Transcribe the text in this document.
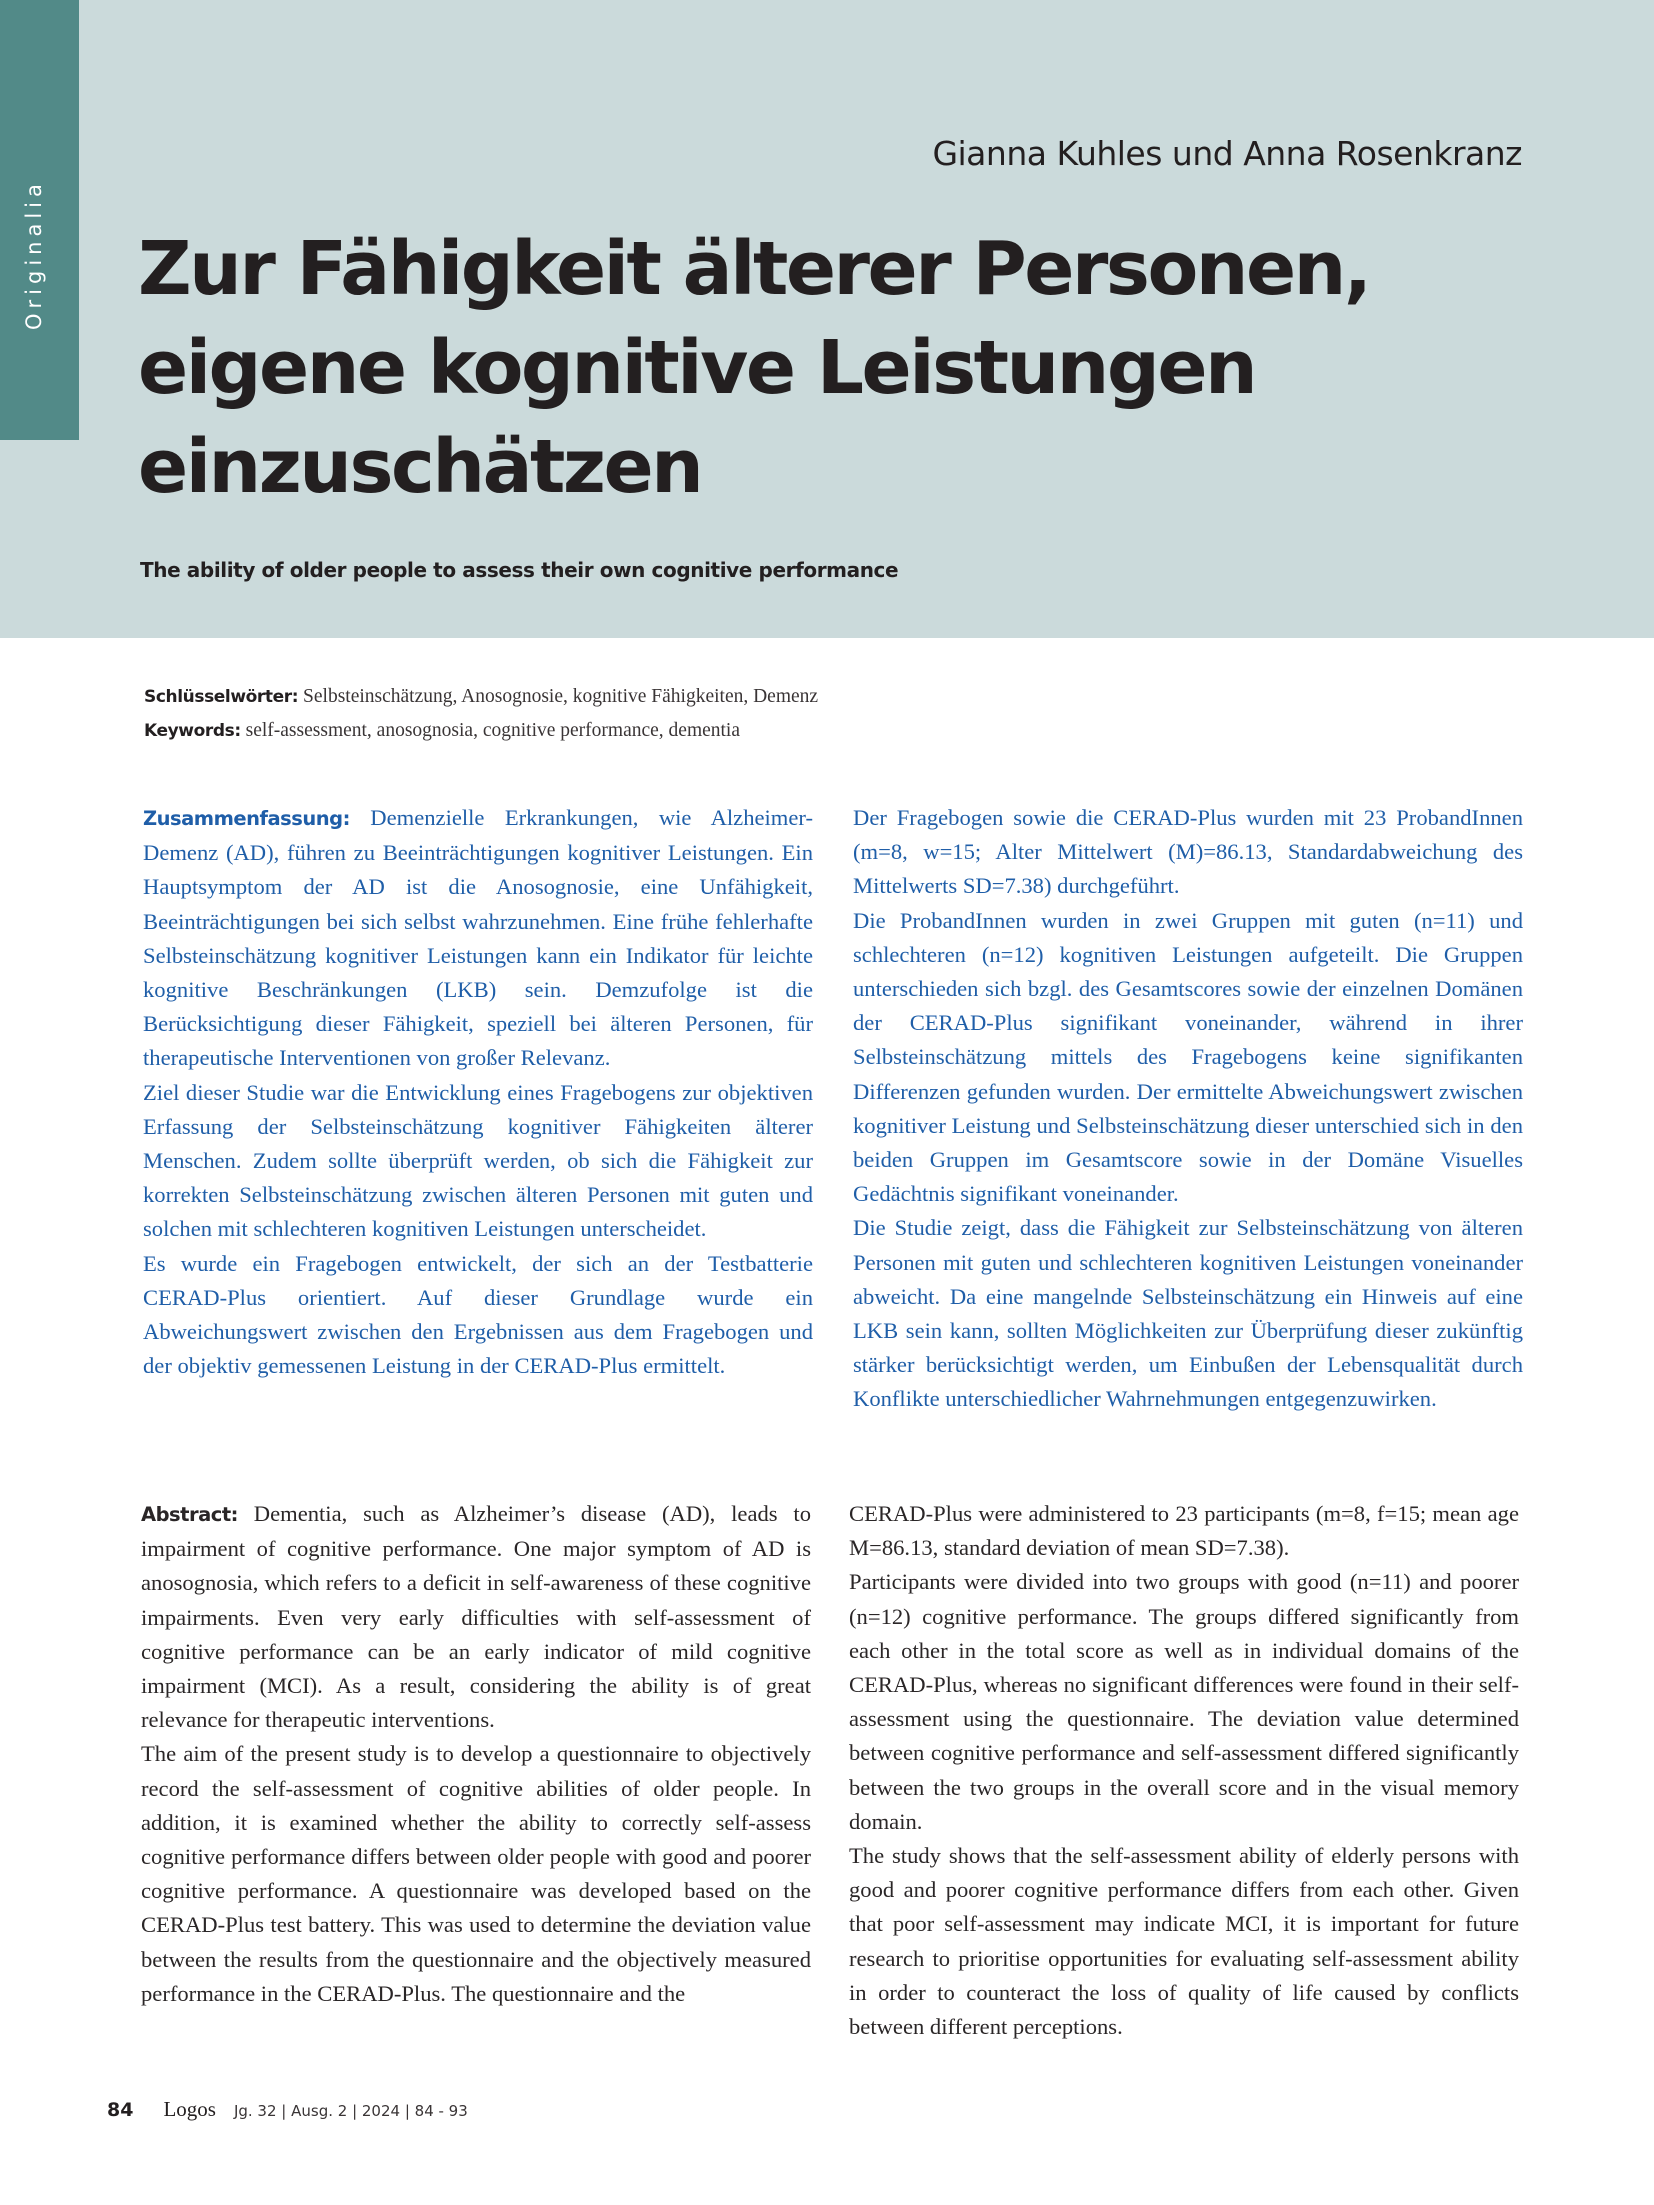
Originalia
Gianna Kuhles und Anna Rosenkranz
Zur Fähigkeit älterer Personen,
eigene kognitive Leistungen
einzuschätzen
The ability of older people to assess their own cognitive performance
Schlüsselwörter: Selbsteinschätzung, Anosognosie, kognitive Fähigkeiten, Demenz
Keywords: self-assessment, anosognosia, cognitive performance, dementia

Zusammenfassung: Demenzielle Erkrankungen, wie Alzheimer-Demenz (AD), führen zu Beeinträchtigungen kognitiver Leistungen. Ein Hauptsymptom der AD ist die Anosognosie, eine Unfähigkeit, Beeinträchtigungen bei sich selbst wahrzunehmen. Eine frühe fehlerhafte Selbsteinschätzung kognitiver Leistungen kann ein Indikator für leichte kognitive Beschränkungen (LKB) sein. Demzufolge ist die Berücksichtigung dieser Fähigkeit, speziell bei älteren Personen, für therapeutische Interventionen von großer Relevanz.

Ziel dieser Studie war die Entwicklung eines Fragebogens zur objektiven Erfassung der Selbsteinschätzung kognitiver Fähigkeiten älterer Menschen. Zudem sollte überprüft werden, ob sich die Fähigkeit zur korrekten Selbsteinschätzung zwischen älteren Personen mit guten und solchen mit schlechteren kognitiven Leistungen unterscheidet.

Es wurde ein Fragebogen entwickelt, der sich an der Testbatterie CERAD-Plus orientiert. Auf dieser Grundlage wurde ein Abweichungswert zwischen den Ergebnissen aus dem Fragebogen und der objektiv gemessenen Leistung in der CERAD-Plus ermittelt.

Der Fragebogen sowie die CERAD-Plus wurden mit 23 ProbandInnen (m=8, w=15; Alter Mittelwert (M)=86.13, Standardabweichung des Mittelwerts SD=7.38) durchgeführt.

Die ProbandInnen wurden in zwei Gruppen mit guten (n=11) und schlechteren (n=12) kognitiven Leistungen aufgeteilt. Die Gruppen unterschieden sich bzgl. des Gesamtscores sowie der einzelnen Domänen der CERAD-Plus signifikant voneinander, während in ihrer Selbsteinschätzung mittels des Fragebogens keine signifikanten Differenzen gefunden wurden. Der ermittelte Abweichungswert zwischen kognitiver Leistung und Selbsteinschätzung dieser unterschied sich in den beiden Gruppen im Gesamtscore sowie in der Domäne Visuelles Gedächtnis signifikant voneinander.

Die Studie zeigt, dass die Fähigkeit zur Selbsteinschätzung von älteren Personen mit guten und schlechteren kognitiven Leistungen voneinander abweicht. Da eine mangelnde Selbsteinschätzung ein Hinweis auf eine LKB sein kann, sollten Möglichkeiten zur Überprüfung dieser zukünftig stärker berücksichtigt werden, um Einbußen der Lebensqualität durch Konflikte unterschiedlicher Wahrnehmungen entgegenzuwirken.

Abstract: Dementia, such as Alzheimer’s disease (AD), leads to impairment of cognitive performance. One major symptom of AD is anosognosia, which refers to a deficit in self-awareness of these cognitive impairments. Even very early difficulties with self-assessment of cognitive performance can be an early indicator of mild cognitive impairment (MCI). As a result, considering the ability is of great relevance for therapeutic interventions.

The aim of the present study is to develop a questionnaire to objectively record the self-assessment of cognitive abilities of older people. In addition, it is examined whether the ability to correctly self-assess cognitive performance differs between older people with good and poorer cognitive performance. A questionnaire was developed based on the CERAD-Plus test battery. This was used to determine the deviation value between the results from the questionnaire and the objectively measured performance in the CERAD-Plus. The questionnaire and the

CERAD-Plus were administered to 23 participants (m=8, f=15; mean age M=86.13, standard deviation of mean SD=7.38).

Participants were divided into two groups with good (n=11) and poorer (n=12) cognitive performance. The groups differed significantly from each other in the total score as well as in individual domains of the CERAD-Plus, whereas no significant differences were found in their self-assessment using the questionnaire. The deviation value determined between cognitive performance and self-assessment differed significantly between the two groups in the overall score and in the visual memory domain.

The study shows that the self-assessment ability of elderly persons with good and poorer cognitive performance differs from each other. Given that poor self-assessment may indicate MCI, it is important for future research to prioritise opportunities for evaluating self-assessment ability in order to counteract the loss of quality of life caused by conflicts between different perceptions.

84 Logos Jg. 32 | Ausg. 2 | 2024 | 84 - 93
